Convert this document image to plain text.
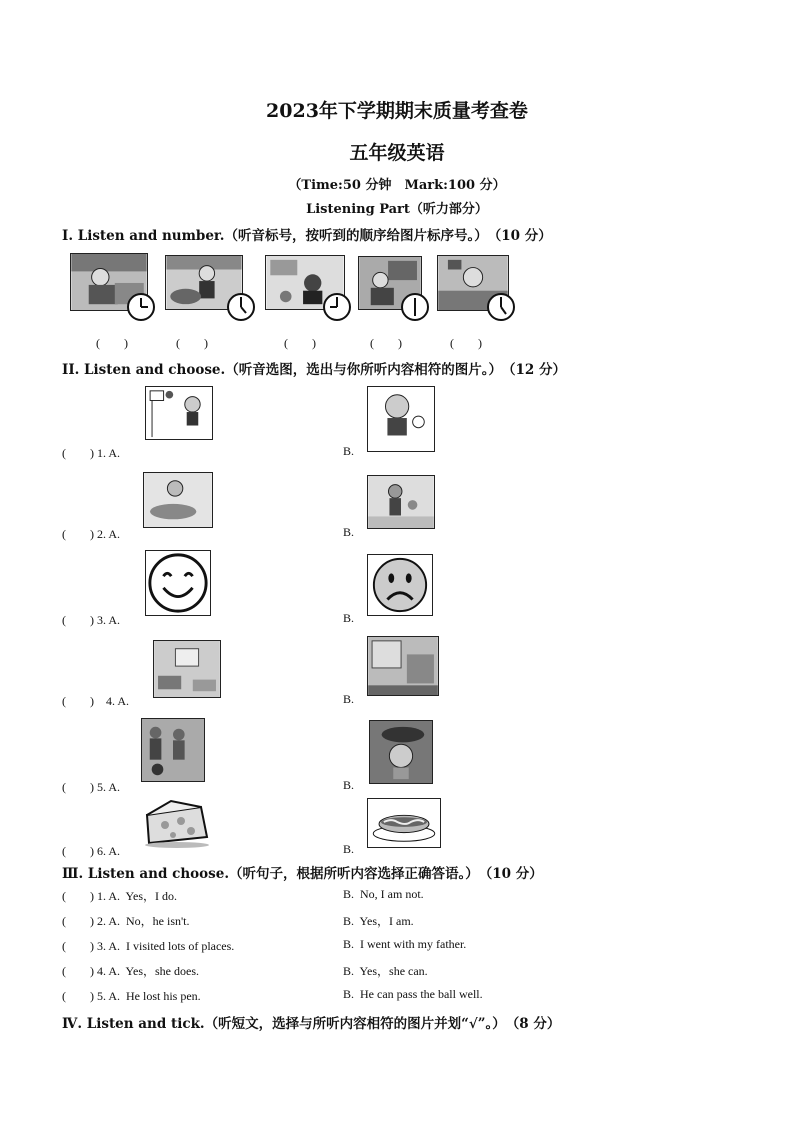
2023年下学期期末质量考查卷
五年级英语
（Time:50 分钟　Mark:100 分）
Listening Part（听力部分）
I. Listen and number.（听音标号，按听到的顺序给图片标序号。）　（10 分）
(　　)	(　　)	(　　)	(　　)	(　　)
II. Listen and choose.（听音选图，选出与你所听内容相符的图片。）　（12 分）
(　　) 1. A.	B.
(　　) 2. A.	B.
(　　) 3. A.	B.
(　　)　4. A.	B.
(　　) 5. A.	B.
(　　) 6. A.	B.
Ⅲ. Listen and choose.（听句子，根据所听内容选择正确答语。）　（10 分）
(　　) 1. A.  Yes，I do.	B.  No, I am not.
(　　) 2. A.  No，he isn't.	B.  Yes，I am.
(　　) 3. A.  I visited lots of places.	B.  I went with my father.
(　　) 4. A.  Yes，she does.	B.  Yes，she can.
(　　) 5. A.  He lost his pen.	B.  He can pass the ball well.
Ⅳ. Listen and tick.（听短文，选择与所听内容相符的图片并划“√”。）　（8 分）
